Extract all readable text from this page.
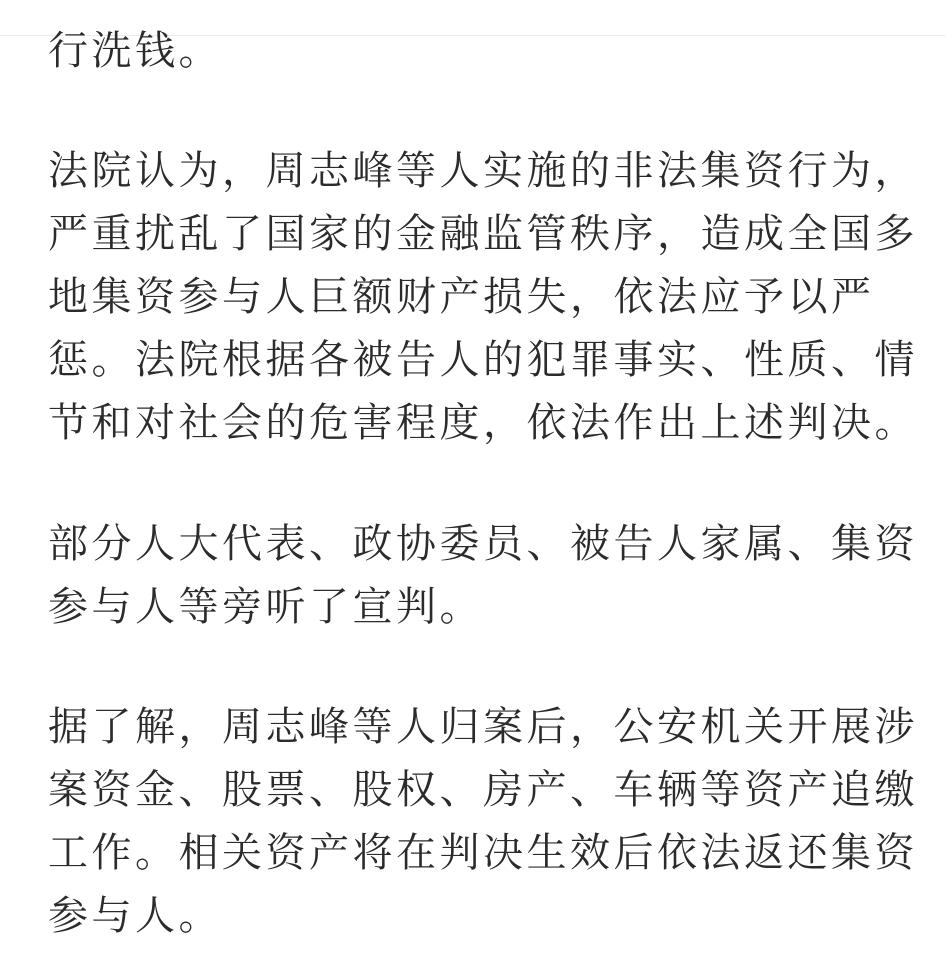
行洗钱。

法院认为，周志峰等人实施的非法集资行为，
严重扰乱了国家的金融监管秩序，造成全国多
地集资参与人巨额财产损失，依法应予以严
惩。法院根据各被告人的犯罪事实、性质、情
节和对社会的危害程度，依法作出上述判决。

部分人大代表、政协委员、被告人家属、集资
参与人等旁听了宣判。

据了解，周志峰等人归案后，公安机关开展涉
案资金、股票、股权、房产、车辆等资产追缴
工作。相关资产将在判决生效后依法返还集资
参与人。
